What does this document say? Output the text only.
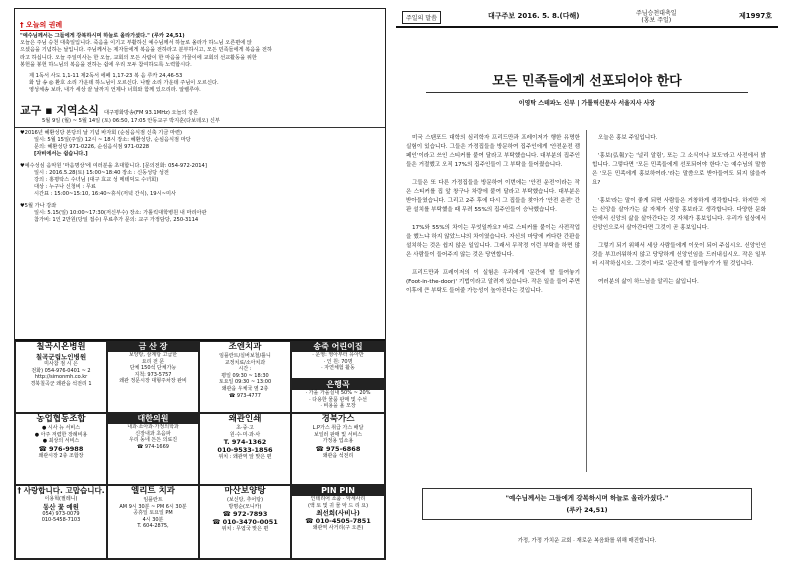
† 오늘의 권례
"예수님께서는 그들에게 강복하시며 하늘로 올라가셨다." (루카 24,51)
오늘은 주님 승천 대축일입니다. 죽음을 이기고 부활하신 예수님께서 하늘로 올라가 하느님 오른편에 앉
으셨음을 기념하는 날입니다. 주님께서는 제자들에게 복음을 전하라고 분부하시고, 모든 민족들에게 복음을 전하
라고 하십니다. 오늘 주일미사는 한 오늘, 교회의 모든 사람이 한 마음을 가꿀이에 교회의 선교활동을 위한
봉헌을 봉헌 하느님의 복음을 전하는 쉽에 우리 모두 참여하도록 노력합시다.
제 1독서 사도 1,1-11 제2독서 에페 1,17-23 복 음 루카 24,46-53
화 답 송 ◎ 환호 소리 가운데 하느님이 오르신다. 나팔 소리 가운데 주님이 오르신다.
영성체송 보라, 내가 세상 끝 날까지 언제나 너희와 함께 있으리라. 알렐루야.
교구 ▪ 지역소식 대구평화방송(FM 93.1MHz) 오늘의 강론
5월 9일 (월) ~ 5월 14일 (토) 06:50, 17:05 안동교구 박지훈(다보데오) 신부
♥2016년 혜환성당 본당의 날 기념 바자회 (순심음식점 신축 기금 마련)
일시: 5월 15일(주일) 12시 ~ 18시 장소: 혜환성당, 순심음식점 마당
문의: 혜환성당 971-0226, 순심음식점 971-0228
[자비에서는 쉽습니다.]
♥예수성심 음악원 '마음명상'에 여러분을 초대합니다. [문의전화: 054-972-2014]
일시 : 2016.5.28(토) 15:00~18:40 장소 : 신동성당 성전
강의 : 홍평탁스 수녀님 (대구 효교 성 메테딕도 수녀회)
대상 : 누구나 신청비 : 무료
시간표 : 15:00~15:10, 16:40~휴식(저녁 간식), 19시~미사
♥5월 가나 강좌
일시: 5.15(일) 10:00~17:30(저신부수) 장소: 가톨릭대학병원 내 마리아관
참가비: 1인 2만원(당일 접수) 무료추가 문의: 교구 가정담당, 250-3114
칠곡시온병원
칠곡군립노인병원
미사참 점 시 은
전화) 054-976-0401 ~ 2
http://simonmh.co.kr
경북칠곡군 왜관읍 석전리 1
금 산 장
보양탕, 삼계탕 고급한
요리 전 문
단체 150석 단체가능
지척: 973-5757
왜관 정문시장 대형주차장 완비
조엔치과
임플란트/실버보철/틀니
교정치료/소아치과
시간 :
평일 09:30 ~ 18:30
토요일 09:30 ~ 13:00
왜관읍 우체국 옆 2층
☎ 973-4777
송죽 어린이집
· 운영: 영아부터 유아반
· 인 원: 70명
· 자연체험 활동
은행곡
· 가을 가을실내 50% ~ 20%
· 다용한 물품 판매 및 수선
· 비용을 올 모장
농업협동조합
● 시사 뉴 서비스
● 아주 저렴한 장례비용
● 최상의 서비스
☎ 976-9988
왜관시장 2층 조합장
대한의원
내과·소아과·가정의학과
신장내과 초음파
우리 동네 든든 의료진
☎ 974-1669
왜관인쇄
초·중·고
원·수·미·과·사
T. 974-1362
010-9533-1856
위치 : 왜관역 앞 맞은 편
경북가스
L.P가스 취급 가스 배달
보일러 판매 및 서비스
가정용 업소용
☎ 975-6868
왜관읍 석전리
† 사랑합니다. 고맙습니다.
이용혁(필레니)
동산 꽃 예원
054) 973-0079
010-5458-7103
엘리트 치과
임플란트
AM 9시 30분 ~ PM 6시 30분
공휴일 토요일 PM
4시 30분
T. 604-2875,
마산보양탕
(보신탕, 추어탕)
방명순(모니카)
☎ 972-7893
☎ 010-3470-0051
위치 : 무엽국 맞은 편
PIN PIN
인테리어 소품 · 악세사리
(액 토 및 귀 물 악 드 리 요)
최선희(사비나)
☎ 010-4505-7851
왜관역 사거리(구 오픈)
주일의 말씀	대구주보 2016. 5. 8.(다해)	주님승천대축일
(홍보 주일)
제1997호
모든 민족들에게 선포되어야 한다
이영탁 스테파노 신부 | 가톨릭신문사 서울지사 사장

미국 스탠포드 대학의 심리학자 프리드만과 프레이저가 행한 유명한 실험이 있습니다. 그들은 가정집들을 방문하여 집주인에게 '안전운전 캠페인'이라고 쓰인 스티커를 붙여 달라고 부탁했습니다. 대부분의 집주인들은 거절했고 오직 17%의 집주인들이 그 부탁을 들어줬습니다.

그들은 또 다른 가정집들을 방문하여 이번에는 '안전 운전'이라는 작은 스티커를 집 앞 창구나 차량에 붙여 달라고 부탁했습니다. 대부분은 받아들였습니다. 그리고 2주 후에 다시 그 집들을 찾아가 '안전 운전' 간판 설치를 부탁했을 때 무려 55%의 집주인들이 승낙했습니다.

17%와 55%의 차이는 무엇일까요? 바로 스티커를 붙이는 사전작업을 했느냐 하지 않았느냐의 차이였습니다. 자신의 마당에 커다란 간판을 설치하는 것은 쉽지 않은 일입니다. 그래서 무작정 이런 부탁을 하면 많은 사람들이 들어주지 않는 것은 당연합니다.

프리드만과 프레이저의 이 실험은 우리에게 '문간에 발 들여놓기(Foot-in-the-door)' 기법이라고 알려져 있습니다. 작은 일을 들어 주면 이후에 큰 부탁도 들어줄 가능성이 높아진다는 것입니다.

오늘은 홍보 주일입니다.

'홍보(弘報)'는 '널리 알림', 또는 그 소식이나 보도'라고 사전에서 밝힙니다. 그렇다면 '모든 민족들에게 선포되어야 한다.'는 예수님의 말씀은 '모든 민족에게 홍보하여라.'라는 말씀으로 받아들여도 되지 않을까요?

'홍보'라는 말이 좋게 되면 사람들은 거창하게 생각합니다. 하지만 저는 신앙을 살아가는 삶 자체가 신앙 홍보라고 생각합니다. 다양한 문화 안에서 신앙의 삶을 살아간다는 것 자체가 홍보입니다. 우리가 일상에서 신앙인으로서 살아간다면 그것이 곧 홍보입니다.

그렇기 되기 위해서 세상 사람들에게 이웃이 되어 주십시오. 신앙인인 것을 부끄러워하지 않고 당당하게 신앙인임을 드러내십시오. 작은 일부터 시작하십시오. 그것이 바로 '문간에 발 들여놓기'가 될 것입니다.

여러분의 삶이 하느님을 알리는 삶입니다.

"예수님께서는 그들에게 강복하시며 하늘로 올라가셨다."
(루카 24,51)
가정, 가정 가치운 교회 · 재로운 복음화를 위해 매진합니다.
